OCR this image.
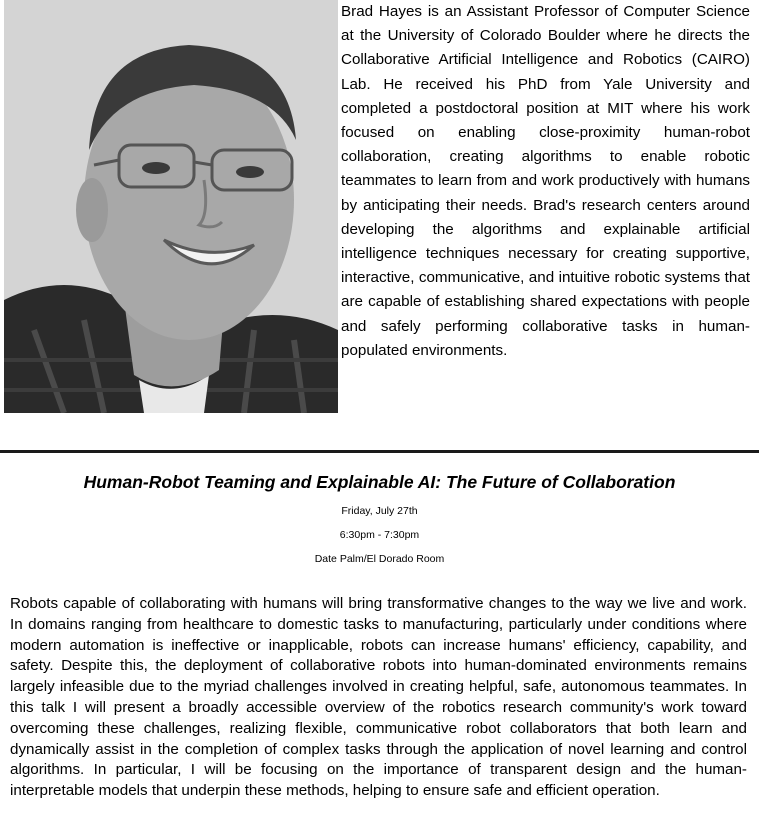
Brad Hayes is an Assistant Professor of Computer Science at the University of Colorado Boulder where he directs the Collaborative Artificial Intelligence and Robotics (CAIRO) Lab. He received his PhD from Yale University and completed a postdoctoral position at MIT where his work focused on enabling close-proximity human-robot collaboration, creating algorithms to enable robotic teammates to learn from and work productively with humans by anticipating their needs. Brad's research centers around developing the algorithms and explainable artificial intelligence techniques necessary for creating supportive, interactive, communicative, and intuitive robotic systems that are capable of establishing shared expectations with people and safely performing collaborative tasks in human-populated environments.

Human-Robot Teaming and Explainable AI: The Future of Collaboration
Friday, July 27th
6:30pm - 7:30pm
Date Palm/El Dorado Room

Robots capable of collaborating with humans will bring transformative changes to the way we live and work. In domains ranging from healthcare to domestic tasks to manufacturing, particularly under conditions where modern automation is ineffective or inapplicable, robots can increase humans' efficiency, capability, and safety. Despite this, the deployment of collaborative robots into human-dominated environments remains largely infeasible due to the myriad challenges involved in creating helpful, safe, autonomous teammates. In this talk I will present a broadly accessible overview of the robotics research community's work toward overcoming these challenges, realizing flexible, communicative robot collaborators that both learn and dynamically assist in the completion of complex tasks through the application of novel learning and control algorithms. In particular, I will be focusing on the importance of transparent design and the human-interpretable models that underpin these methods, helping to ensure safe and efficient operation.
